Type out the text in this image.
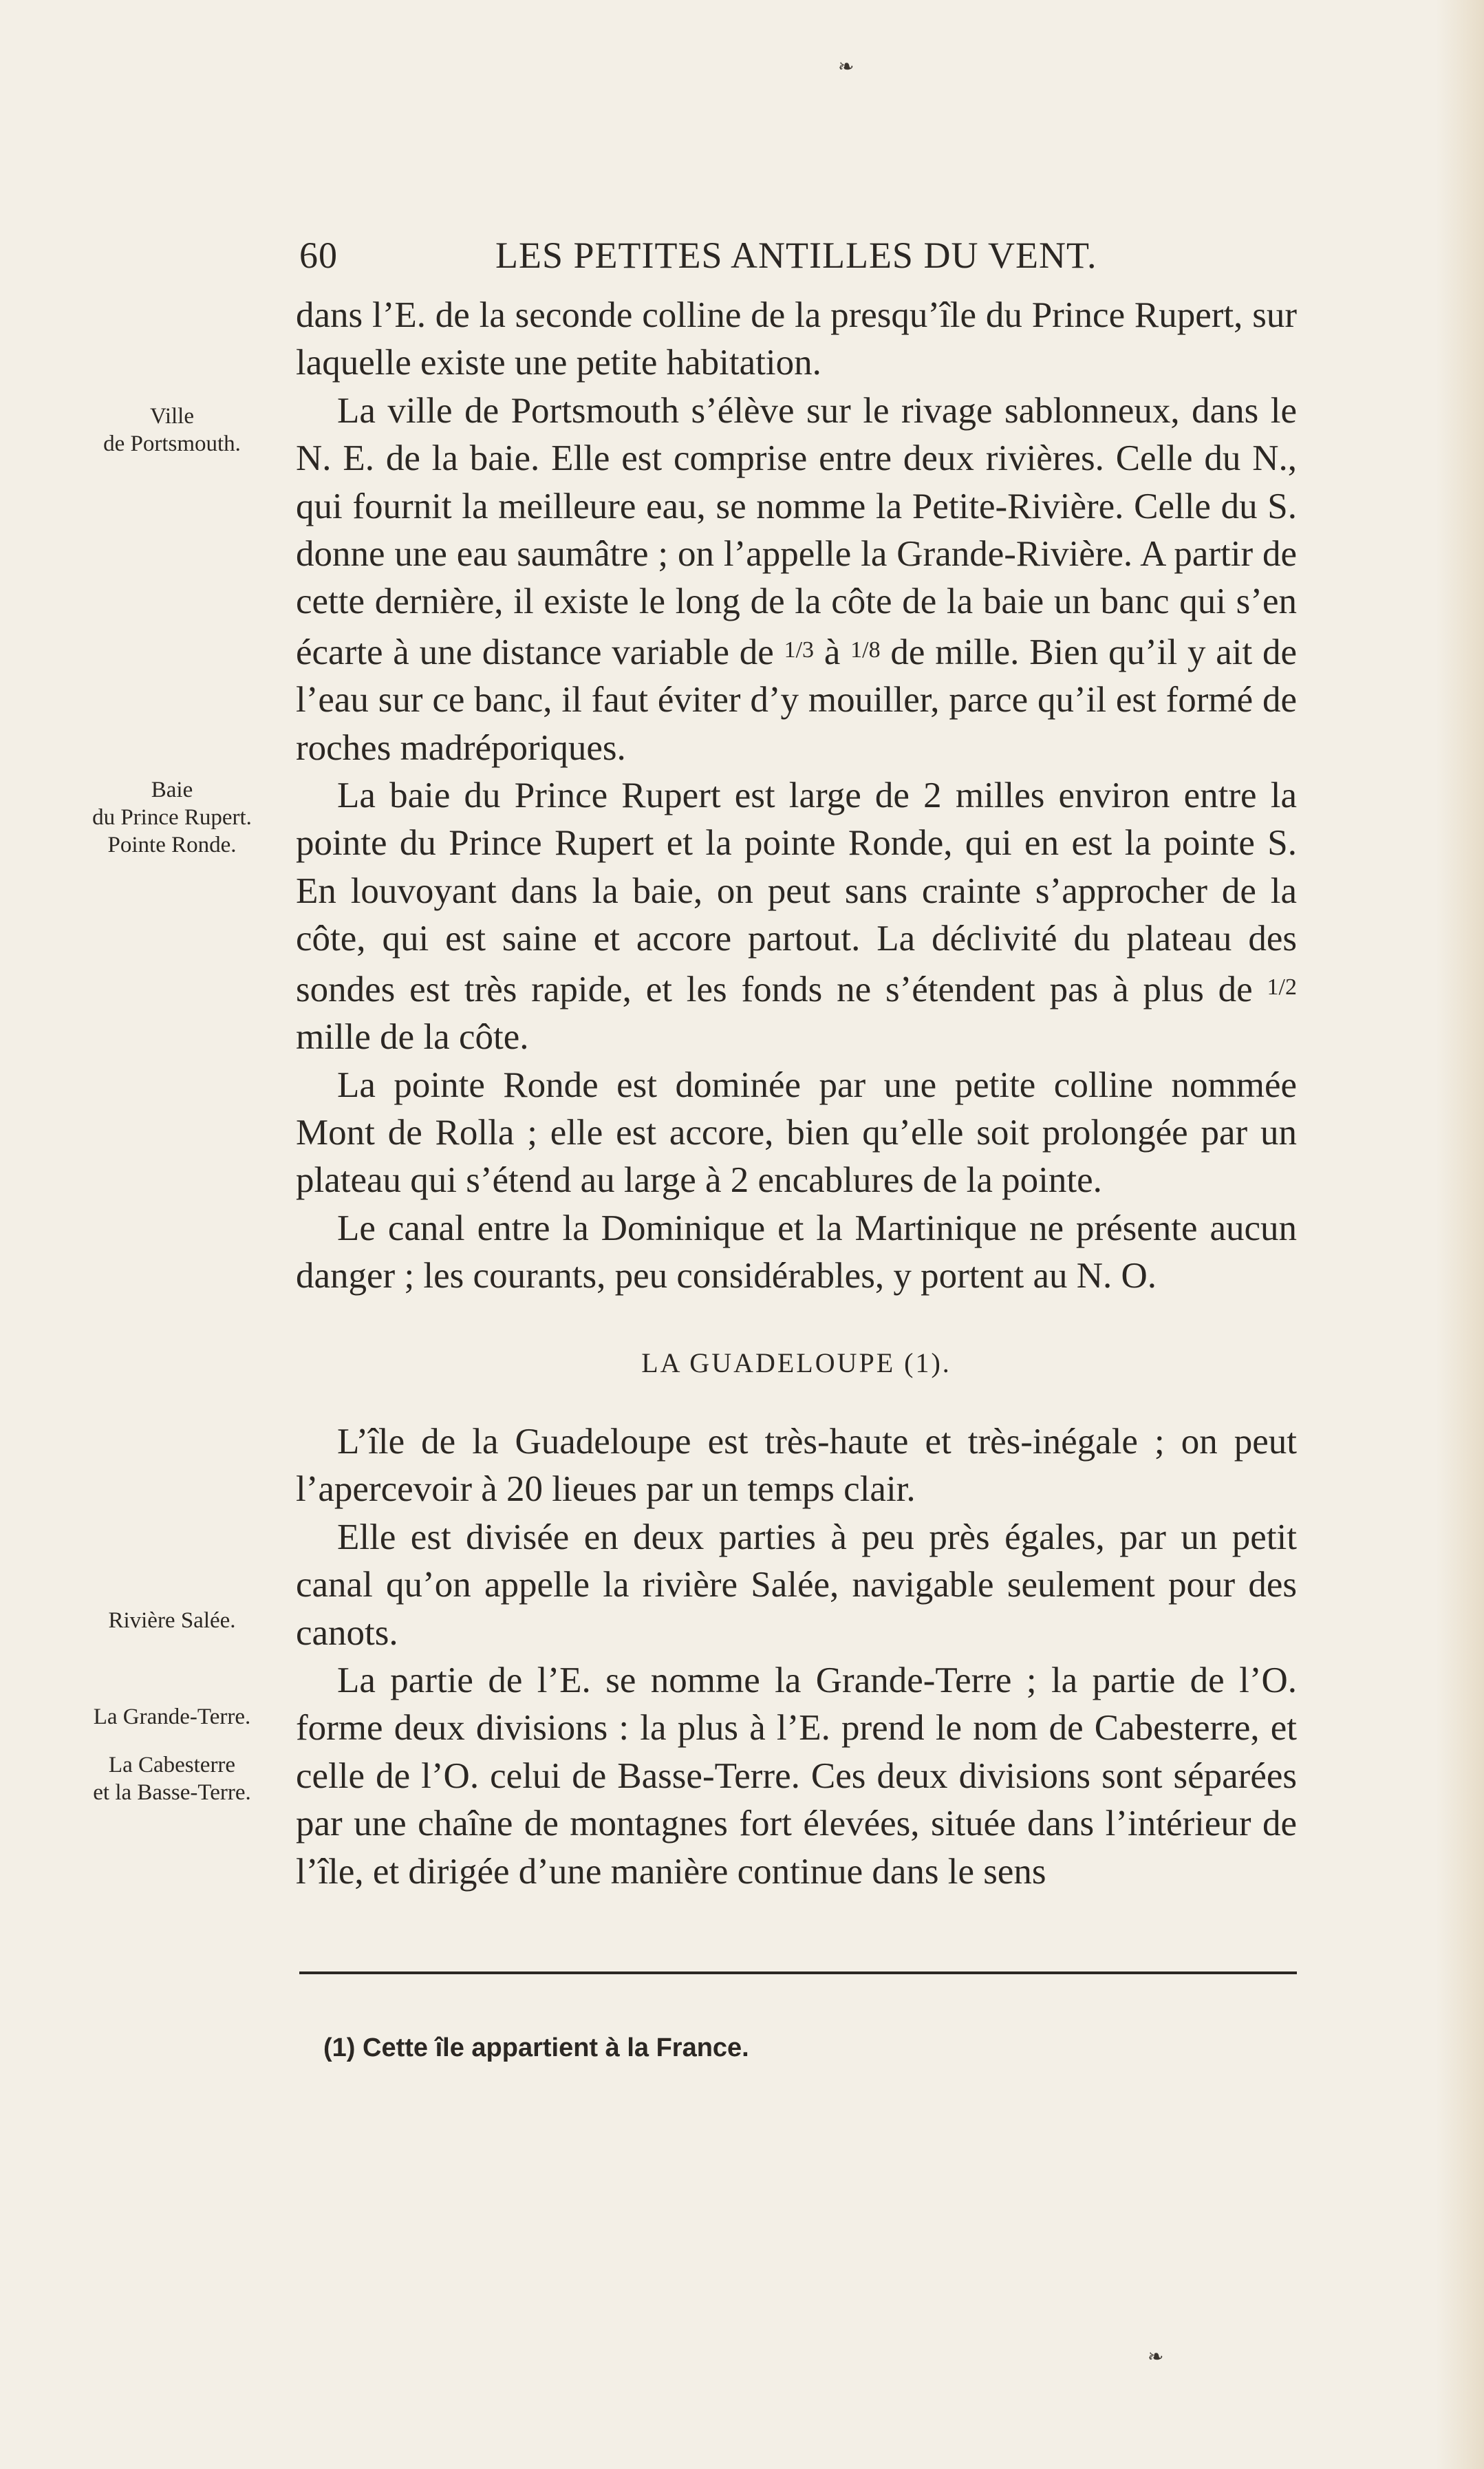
❧
60	LES PETITES ANTILLES DU VENT.
Ville
de Portsmouth.
Baie
du Prince Rupert.
Pointe Ronde.
Rivière Salée.
La Grande-Terre.
La Cabesterre
et la Basse-Terre.

dans l’E. de la seconde colline de la presqu’île du Prince Rupert, sur laquelle existe une petite habitation.

La ville de Portsmouth s’élève sur le rivage sablonneux, dans le N. E. de la baie. Elle est comprise entre deux rivières. Celle du N., qui fournit la meilleure eau, se nomme la Petite-Rivière. Celle du S. donne une eau saumâtre ; on l’appelle la Grande-Rivière. A partir de cette dernière, il existe le long de la côte de la baie un banc qui s’en écarte à une distance variable de 1/3 à 1/8 de mille. Bien qu’il y ait de l’eau sur ce banc, il faut éviter d’y mouiller, parce qu’il est formé de roches madréporiques.

La baie du Prince Rupert est large de 2 milles environ entre la pointe du Prince Rupert et la pointe Ronde, qui en est la pointe S. En louvoyant dans la baie, on peut sans crainte s’approcher de la côte, qui est saine et accore partout. La déclivité du plateau des sondes est très rapide, et les fonds ne s’étendent pas à plus de 1/2 mille de la côte.

La pointe Ronde est dominée par une petite colline nommée Mont de Rolla ; elle est accore, bien qu’elle soit prolongée par un plateau qui s’étend au large à 2 encablures de la pointe.

Le canal entre la Dominique et la Martinique ne présente aucun danger ; les courants, peu considérables, y portent au N. O.

LA GUADELOUPE (1).

L’île de la Guadeloupe est très-haute et très-inégale ; on peut l’apercevoir à 20 lieues par un temps clair.

Elle est divisée en deux parties à peu près égales, par un petit canal qu’on appelle la rivière Salée, navigable seulement pour des canots.

La partie de l’E. se nomme la Grande-Terre ; la partie de l’O. forme deux divisions : la plus à l’E. prend le nom de Cabesterre, et celle de l’O. celui de Basse-Terre. Ces deux divisions sont séparées par une chaîne de montagnes fort élevées, située dans l’intérieur de l’île, et dirigée d’une manière continue dans le sens

(1) Cette île appartient à la France.
❧
